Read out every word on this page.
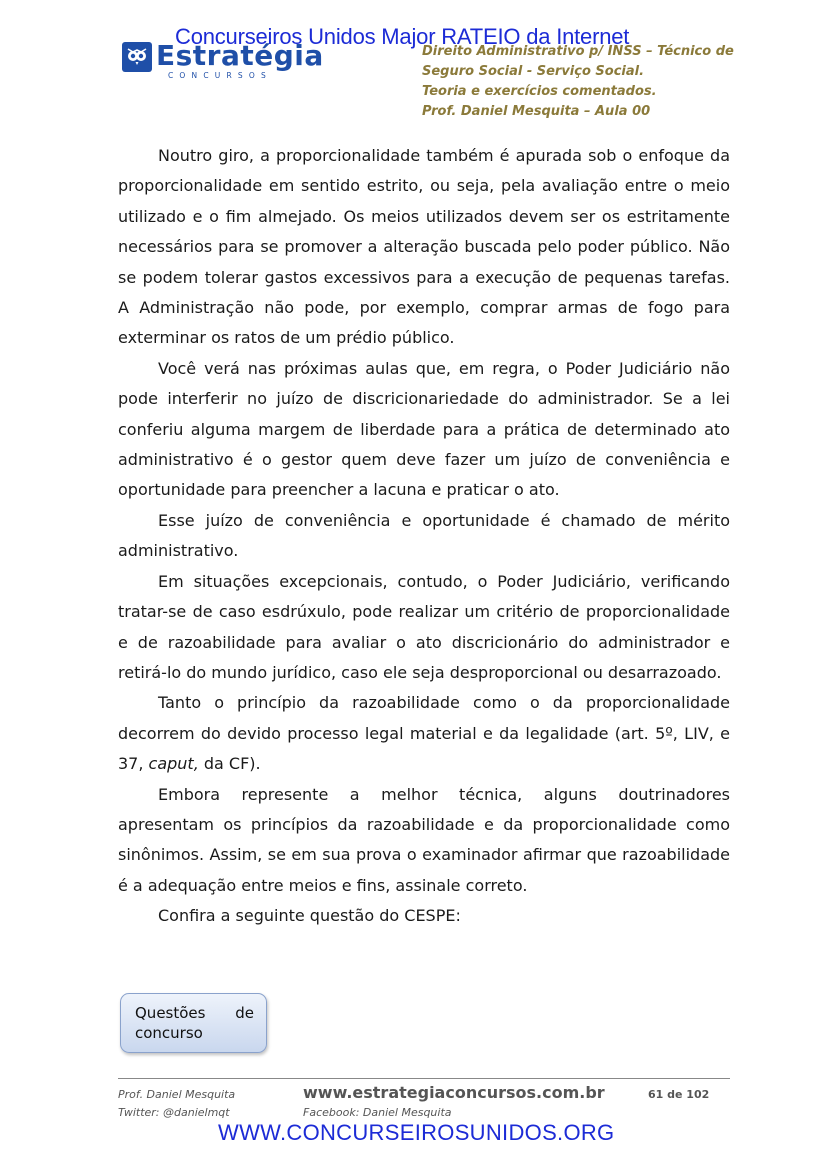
Concurseiros Unidos Major RATEIO da Internet
Estratégia
CONCURSOS
Direito Administrativo p/ INSS – Técnico de
Seguro Social - Serviço Social.
Teoria e exercícios comentados.
Prof. Daniel Mesquita – Aula 00

Noutro giro, a proporcionalidade também é apurada sob o enfoque da proporcionalidade em sentido estrito, ou seja, pela avaliação entre o meio utilizado e o fim almejado. Os meios utilizados devem ser os estritamente necessários para se promover a alteração buscada pelo poder público. Não se podem tolerar gastos excessivos para a execução de pequenas tarefas. A Administração não pode, por exemplo, comprar armas de fogo para exterminar os ratos de um prédio público.

Você verá nas próximas aulas que, em regra, o Poder Judiciário não pode interferir no juízo de discricionariedade do administrador. Se a lei conferiu alguma margem de liberdade para a prática de determinado ato administrativo é o gestor quem deve fazer um juízo de conveniência e oportunidade para preencher a lacuna e praticar o ato.

Esse juízo de conveniência e oportunidade é chamado de mérito administrativo.

Em situações excepcionais, contudo, o Poder Judiciário, verificando tratar-se de caso esdrúxulo, pode realizar um critério de proporcionalidade e de razoabilidade para avaliar o ato discricionário do administrador e retirá-lo do mundo jurídico, caso ele seja desproporcional ou desarrazoado.

Tanto o princípio da razoabilidade como o da proporcionalidade decorrem do devido processo legal material e da legalidade (art. 5º, LIV, e 37, caput, da CF).

Embora represente a melhor técnica, alguns doutrinadores apresentam os princípios da razoabilidade e da proporcionalidade como sinônimos. Assim, se em sua prova o examinador afirmar que razoabilidade é a adequação entre meios e fins, assinale correto.

Confira a seguinte questão do CESPE:

Questões de
concurso
Prof. Daniel Mesquita
Twitter: @danielmqt
www.estrategiaconcursos.com.br
Facebook: Daniel Mesquita
61 de 102
WWW.CONCURSEIROSUNIDOS.ORG
